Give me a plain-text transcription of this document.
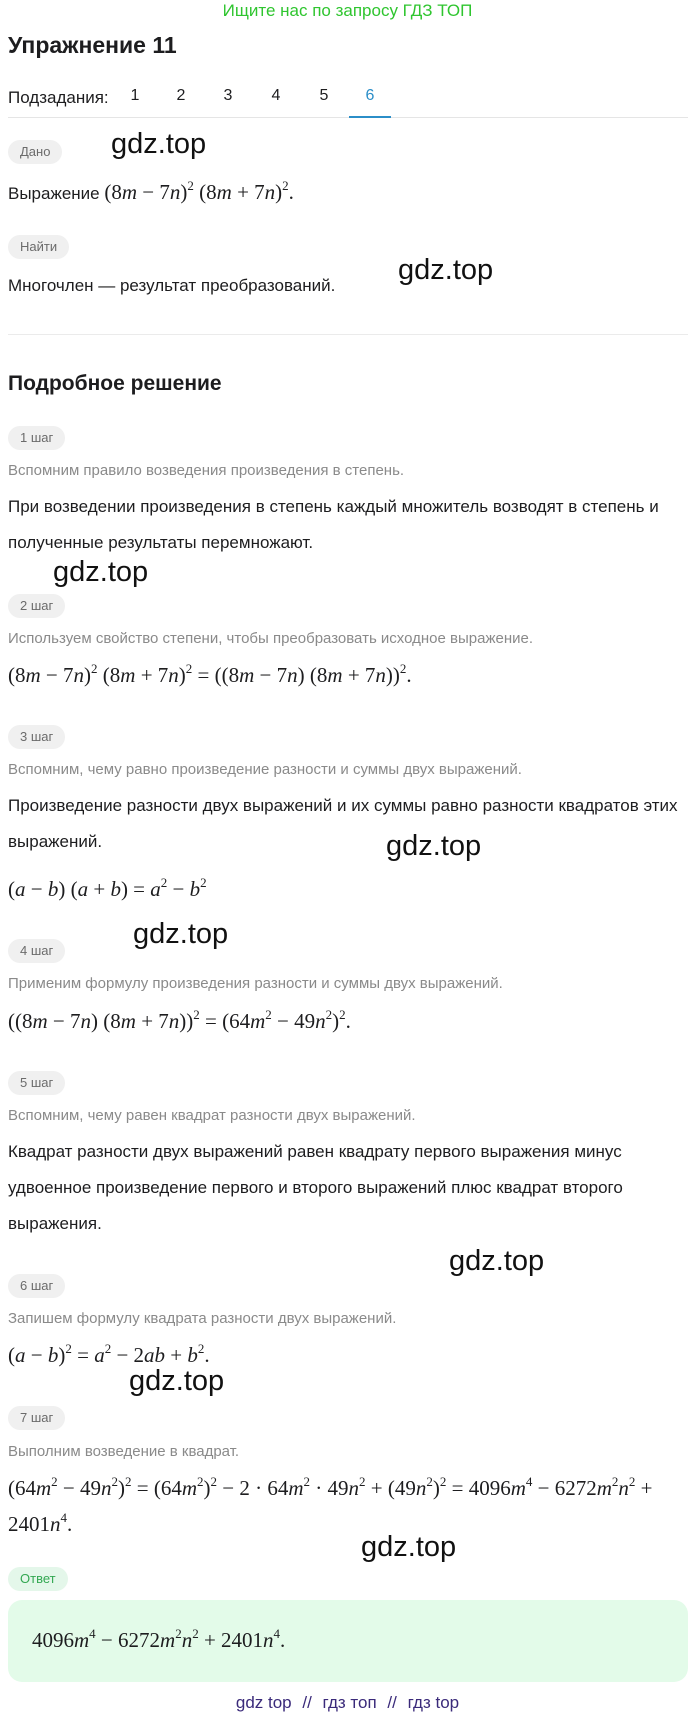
Ищите нас по запросу ГДЗ ТОП
Упражнение 11
Подзадания:	1	2	3	4	5	6
Дано	gdz.top
Выражение $(8m - 7n)^2$ $(8m + 7n)^2$.
Найти
Многочлен — результат преобразований.	gdz.top
Подробное решение
1 шаг
Вспомним правило возведения произведения в степень.
При возведении произведения в степень каждый множитель возводят в степень и полученные результаты перемножают.
gdz.top
2 шаг
Используем свойство степени, чтобы преобразовать исходное выражение.
$(8m - 7n)^2$ $(8m + 7n)^2 = ((8m - 7n) (8m + 7n))^2$.
3 шаг
Вспомним, чему равно произведение разности и суммы двух выражений.
Произведение разности двух выражений и их суммы равно разности квадратов этих выражений.	gdz.top
(a − b) $(a + b) = a^2 - b^2$
gdz.top
4 шаг
Применим формулу произведения разности и суммы двух выражений.
((8m − 7n) $(8m + 7n))^2 = (64m^2 - 49n^2)^2$.
5 шаг
Вспомним, чему равен квадрат разности двух выражений.
Квадрат разности двух выражений равен квадрату первого выражения минус удвоенное произведение первого и второго выражений плюс квадрат второго выражения.
gdz.top
6 шаг
Запишем формулу квадрата разности двух выражений.
$(a - b)^2 = a^2 - 2ab + b^2$.
gdz.top
7 шаг
Выполним возведение в квадрат.
$(64m^2 - 49n^2)^2 = (64m^2)^2 - 2 \cdot 64m^2 \cdot 49n^2 + (49n^2)^2 = 4096m^4 - 6272m^2n^2 + 2401n^4$.
gdz.top
Ответ
$4096m^4 - 6272m^2n^2 + 2401n^4$.
gdz top // гдз топ // гдз top
